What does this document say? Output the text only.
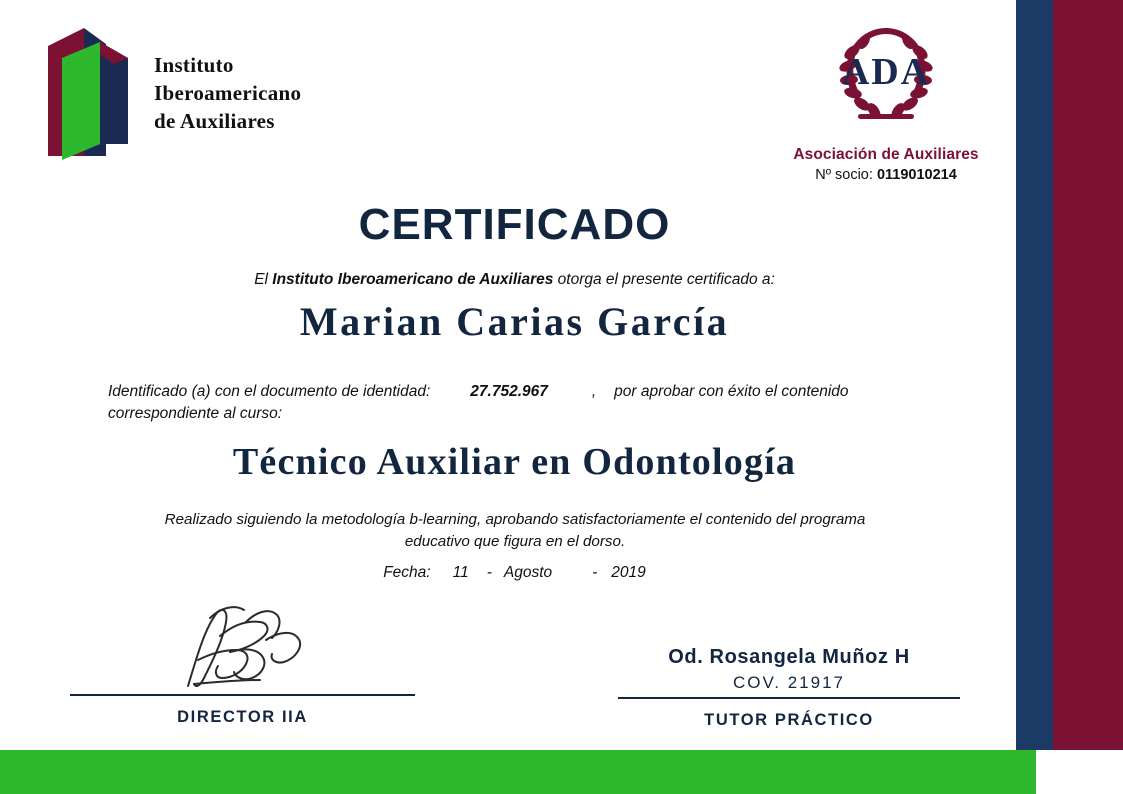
Instituto
Iberoamericano
de Auxiliares
ADA
Asociación de Auxiliares
Nº socio: 0119010214
CERTIFICADO
El Instituto Iberoamericano de Auxiliares otorga el presente certificado a:
Marian Carias García
Identificado (a) con el documento de identidad:	27.752.967	, por aprobar con éxito el contenido correspondiente al curso:
Técnico Auxiliar en Odontología
Realizado siguiendo la metodología b-learning, aprobando satisfactoriamente el contenido del programa educativo que figura en el dorso.
Fecha: 11 - Agosto	- 2019
DIRECTOR IIA
Od. Rosangela Muñoz H
COV. 21917
TUTOR PRÁCTICO
